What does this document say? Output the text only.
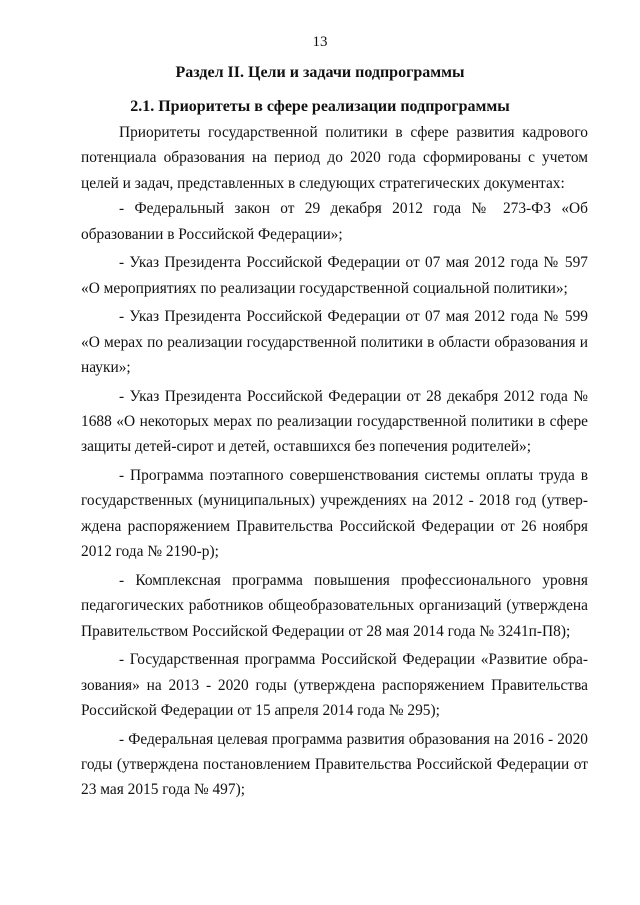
13
Раздел II. Цели и задачи подпрограммы
2.1. Приоритеты в сфере реализации подпрограммы

Приоритеты государственной политики в сфере развития кадрового потенциала образования на период до 2020 года сформированы с учетом целей и задач, представленных в следующих стратегических документах:

- Федеральный закон от 29 декабря 2012 года № 273-ФЗ «Об образовании в Российской Федерации»;

- Указ Президента Российской Федерации от 07 мая 2012 года № 597 «О мероприятиях по реализации государственной социальной политики»;

- Указ Президента Российской Федерации от 07 мая 2012 года № 599 «О мерах по реализации государственной политики в области образования и науки»;

- Указ Президента Российской Федерации от 28 декабря 2012 года № 1688 «О некоторых мерах по реализации государственной политики в сфере защиты детей-сирот и детей, оставшихся без попечения родителей»;

- Программа поэтапного совершенствования системы оплаты труда в государственных (муниципальных) учреждениях на 2012 - 2018 год (утверждена распоряжением Правительства Российской Федерации от 26 ноября 2012 года № 2190-р);

- Комплексная программа повышения профессионального уровня педагогических работников общеобразовательных организаций (утверждена Правительством Российской Федерации от 28 мая 2014 года № 3241п-П8);

- Государственная программа Российской Федерации «Развитие образования» на 2013 - 2020 годы (утверждена распоряжением Правительства Российской Федерации от 15 апреля 2014 года № 295);

- Федеральная целевая программа развития образования на 2016 - 2020 годы (утверждена постановлением Правительства Российской Федерации от 23 мая 2015 года № 497);
